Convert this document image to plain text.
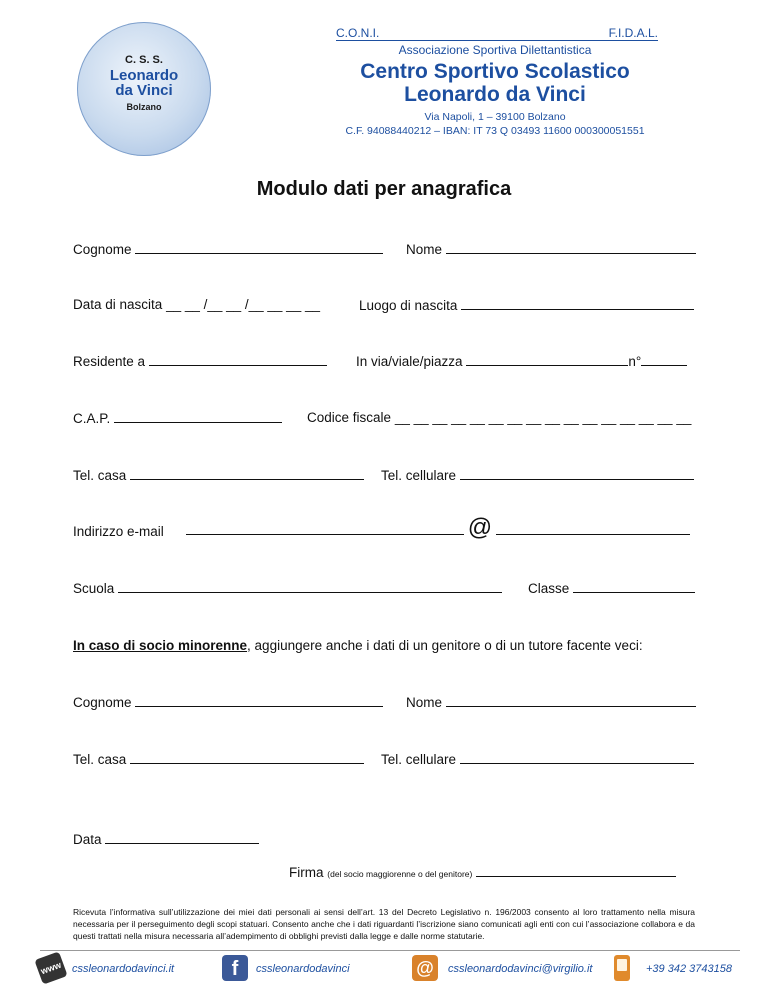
C. S. S.
Leonardo
da Vinci
Bolzano
C.O.N.I.	F.I.D.A.L.
Associazione Sportiva Dilettantistica
Centro Sportivo Scolastico
Leonardo da Vinci
Via Napoli, 1 – 39100 Bolzano
C.F. 94088440212 – IBAN: IT 73 Q 03493 11600 000300051551
Modulo dati per anagrafica
Cognome	Nome
Data di nascita __ __ /__ __ /__ __ __ __	Luogo di nascita
Residente a	In via/viale/piazza	n°
C.A.P.	Codice fiscale __ __ __ __ __ __ __ __ __ __ __ __ __ __ __ __
Tel. casa	Tel. cellulare
Indirizzo e-mail	@
Scuola	Classe
In caso di socio minorenne, aggiungere anche i dati di un genitore o di un tutore facente veci:
Cognome	Nome
Tel. casa	Tel. cellulare
Data
Firma (del socio maggiorenne o del genitore)
Ricevuta l’informativa sull’utilizzazione dei miei dati personali ai sensi dell’art. 13 del Decreto Legislativo n. 196/2003 consento al loro trattamento nella misura necessaria per il perseguimento degli scopi statuari. Consento anche che i dati riguardanti l’iscrizione siano comunicati agli enti con cui l’associazione collabora e da questi trattati nella misura necessaria all’adempimento di obblighi previsti dalla legge e dalle norme statutarie.
www cssleonardodavinci.it	f	cssleonardodavinci	@	cssleonardodavinci@virgilio.it	+39 342 3743158
